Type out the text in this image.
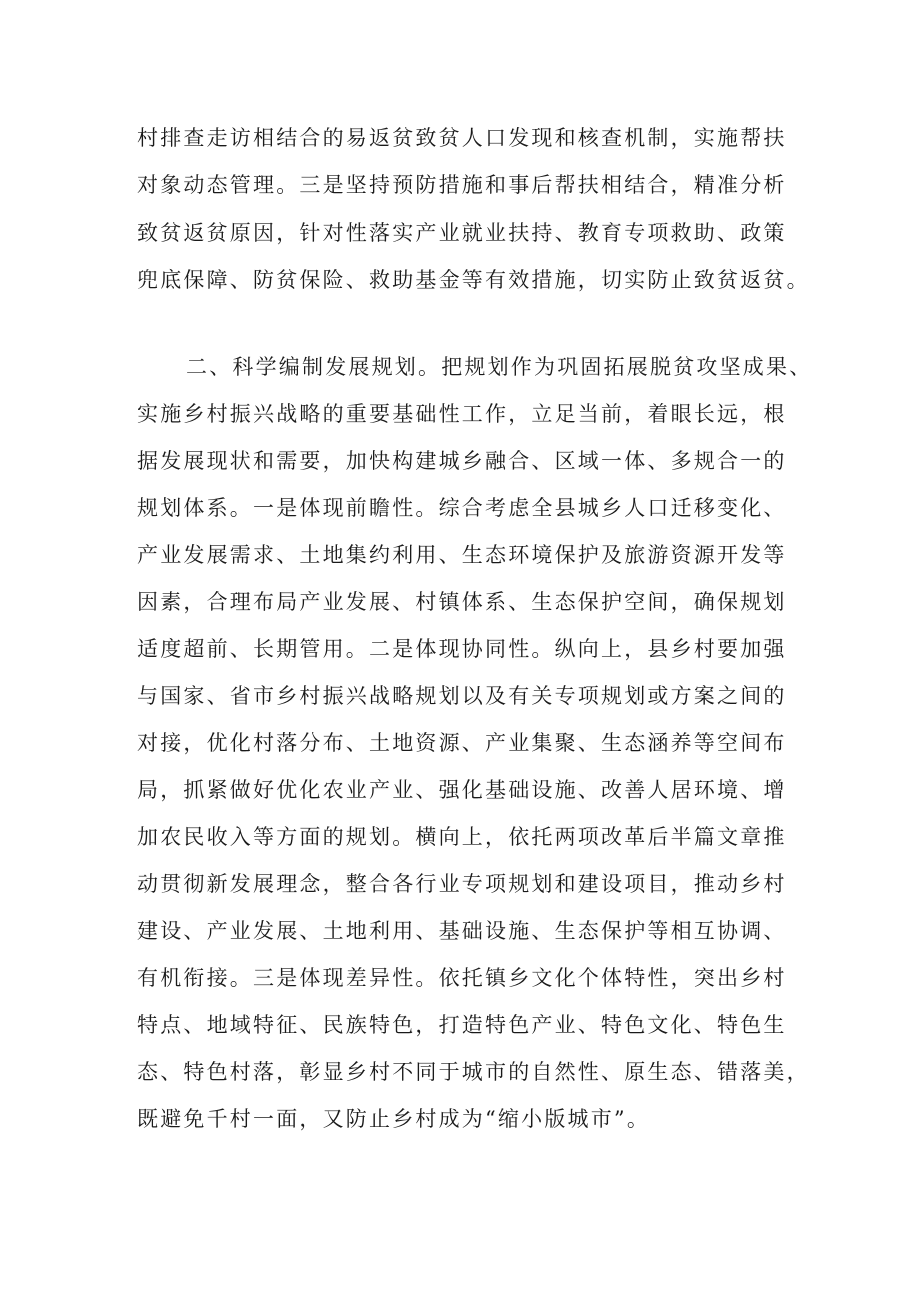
村排查走访相结合的易返贫致贫人口发现和核查机制，实施帮扶
对象动态管理。三是坚持预防措施和事后帮扶相结合，精准分析
致贫返贫原因，针对性落实产业就业扶持、教育专项救助、政策
兜底保障、防贫保险、救助基金等有效措施，切实防止致贫返贫。
二、科学编制发展规划。把规划作为巩固拓展脱贫攻坚成果、
实施乡村振兴战略的重要基础性工作，立足当前，着眼长远，根
据发展现状和需要，加快构建城乡融合、区域一体、多规合一的
规划体系。一是体现前瞻性。综合考虑全县城乡人口迁移变化、
产业发展需求、土地集约利用、生态环境保护及旅游资源开发等
因素，合理布局产业发展、村镇体系、生态保护空间，确保规划
适度超前、长期管用。二是体现协同性。纵向上，县乡村要加强
与国家、省市乡村振兴战略规划以及有关专项规划或方案之间的
对接，优化村落分布、土地资源、产业集聚、生态涵养等空间布
局，抓紧做好优化农业产业、强化基础设施、改善人居环境、增
加农民收入等方面的规划。横向上，依托两项改革后半篇文章推
动贯彻新发展理念，整合各行业专项规划和建设项目，推动乡村
建设、产业发展、土地利用、基础设施、生态保护等相互协调、
有机衔接。三是体现差异性。依托镇乡文化个体特性，突出乡村
特点、地域特征、民族特色，打造特色产业、特色文化、特色生
态、特色村落，彰显乡村不同于城市的自然性、原生态、错落美，
既避免千村一面，又防止乡村成为“缩小版城市”。
